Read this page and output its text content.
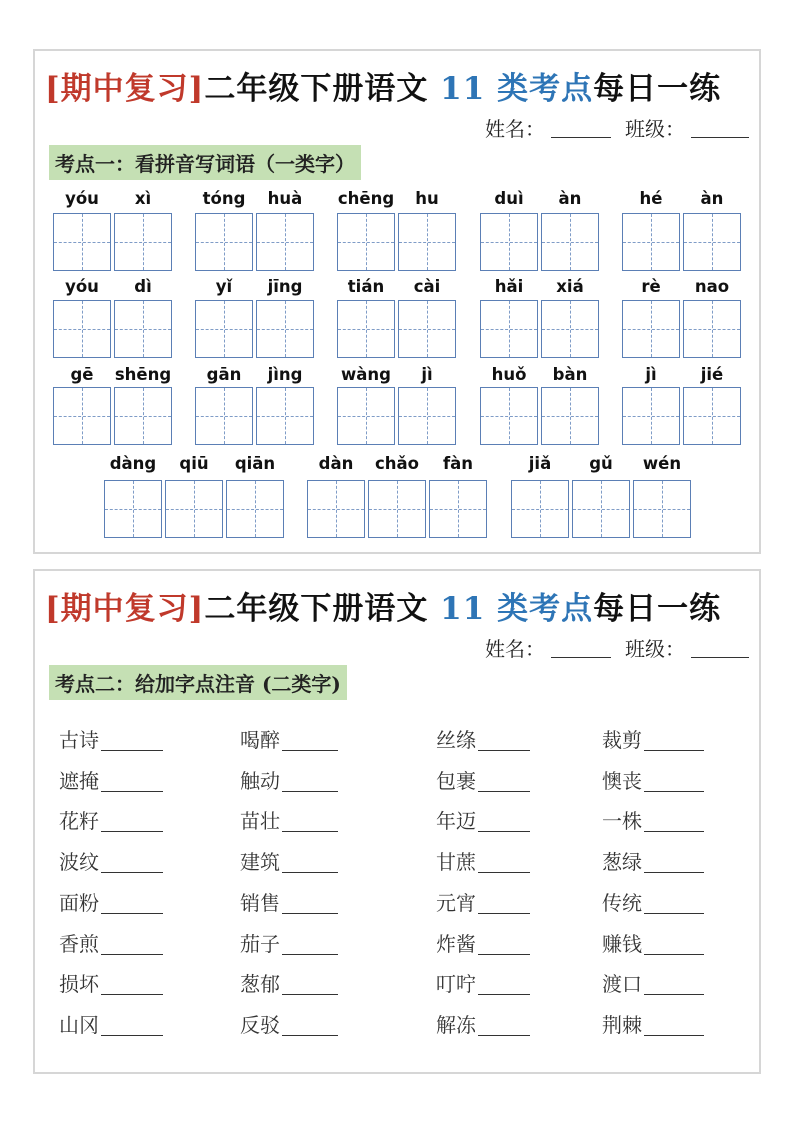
[期中复习]二年级下册语文 11 类考点每日一练
姓名：	班级：
考点一：看拼音写词语（一类字）
yóu	xì	tóng	huà	chēng	hu	duì	àn	hé	àn
yóu	dì	yǐ	jīng	tián	cài	hǎi	xiá	rè	nao
gē	shēng	gān	jìng	wàng	jì	huǒ	bàn	jì	jié
dàng	qiū	qiān	dàn	chǎo	fàn	jiǎ	gǔ	wén
[期中复习]二年级下册语文 11 类考点每日一练
姓名：	班级：
考点二：给加字点注音 (二类字)
古诗	喝醉	丝绦	裁剪
遮掩	触动	包裹	懊丧
花籽	苗壮	年迈	一株
波纹	建筑	甘蔗	葱绿
面粉	销售	元宵	传统
香煎	茄子	炸酱	赚钱
损坏	葱郁	叮咛	渡口
山冈	反驳	解冻	荆棘
